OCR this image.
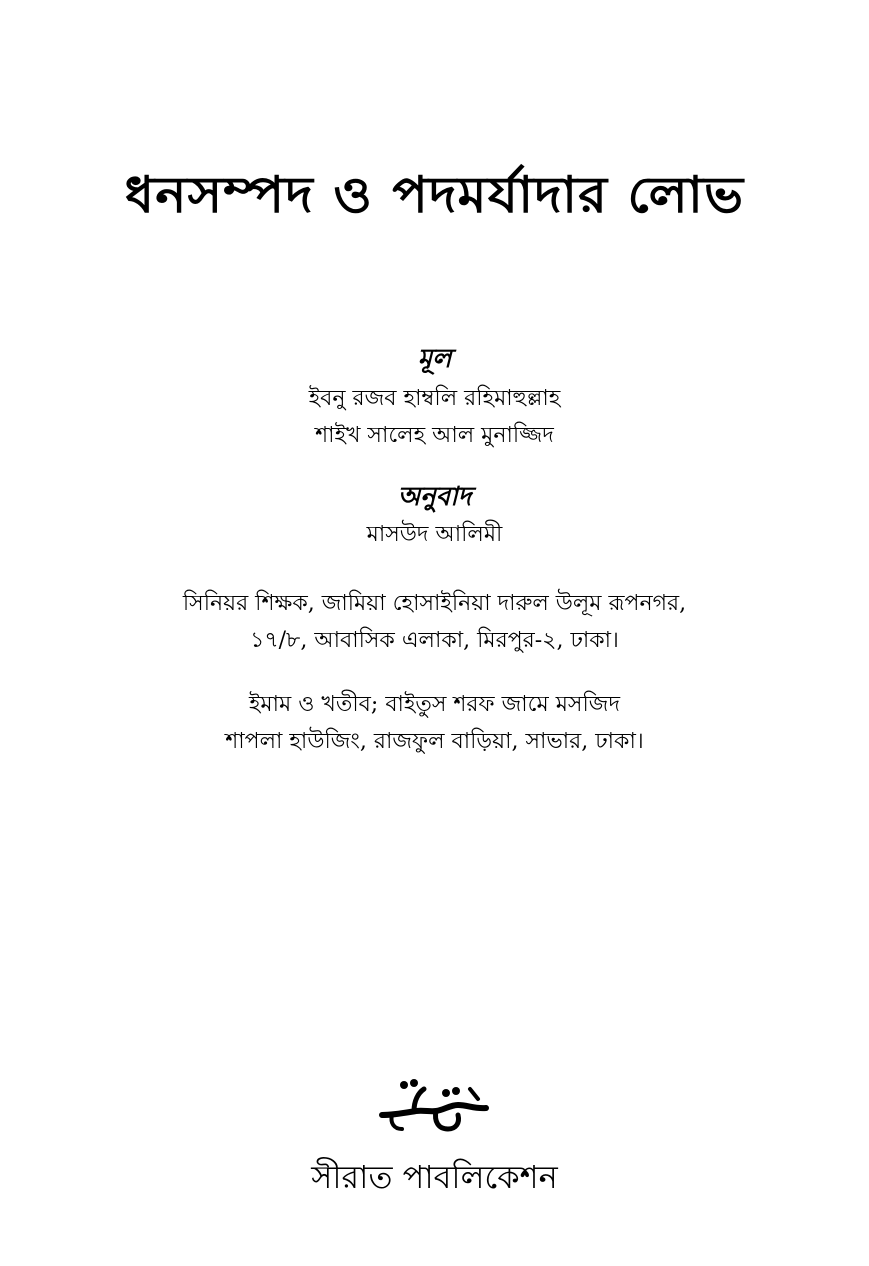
ধনসম্পদ ও পদমর্যাদার লোভ
মূল
ইবনু রজব হাম্বলি রহিমাহুল্লাহ
শাইখ সালেহ আল মুনাজ্জিদ
অনুবাদ
মাসউদ আলিমী
সিনিয়র শিক্ষক, জামিয়া হোসাইনিয়া দারুল উলূম রূপনগর,
১৭/৮, আবাসিক এলাকা, মিরপুর-২, ঢাকা।
ইমাম ও খতীব; বাইতুস শরফ জামে মসজিদ
শাপলা হাউজিং, রাজফুল বাড়িয়া, সাভার, ঢাকা।
সীরাত পাবলিকেশন
